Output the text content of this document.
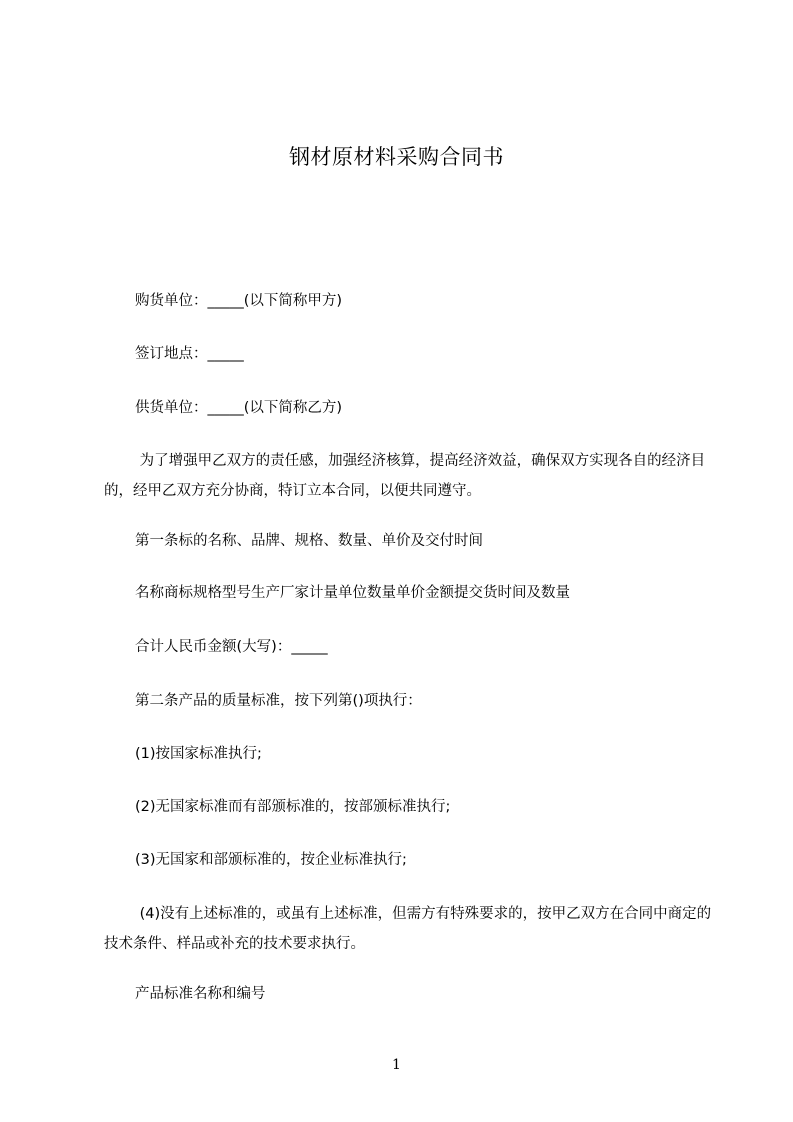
钢材原材料采购合同书
购货单位：_____(以下简称甲方)
签订地点：_____
供货单位：_____(以下简称乙方)
为了增强甲乙双方的责任感，加强经济核算，提高经济效益，确保双方实现各自的经济目的，经甲乙双方充分协商，特订立本合同，以便共同遵守。
第一条标的名称、品牌、规格、数量、单价及交付时间
名称商标规格型号生产厂家计量单位数量单价金额提交货时间及数量
合计人民币金额(大写)：_____
第二条产品的质量标准，按下列第()项执行：
(1)按国家标准执行;
(2)无国家标准而有部颁标准的，按部颁标准执行;
(3)无国家和部颁标准的，按企业标准执行;
(4)没有上述标准的，或虽有上述标准，但需方有特殊要求的，按甲乙双方在合同中商定的技术条件、样品或补充的技术要求执行。
产品标准名称和编号
1
